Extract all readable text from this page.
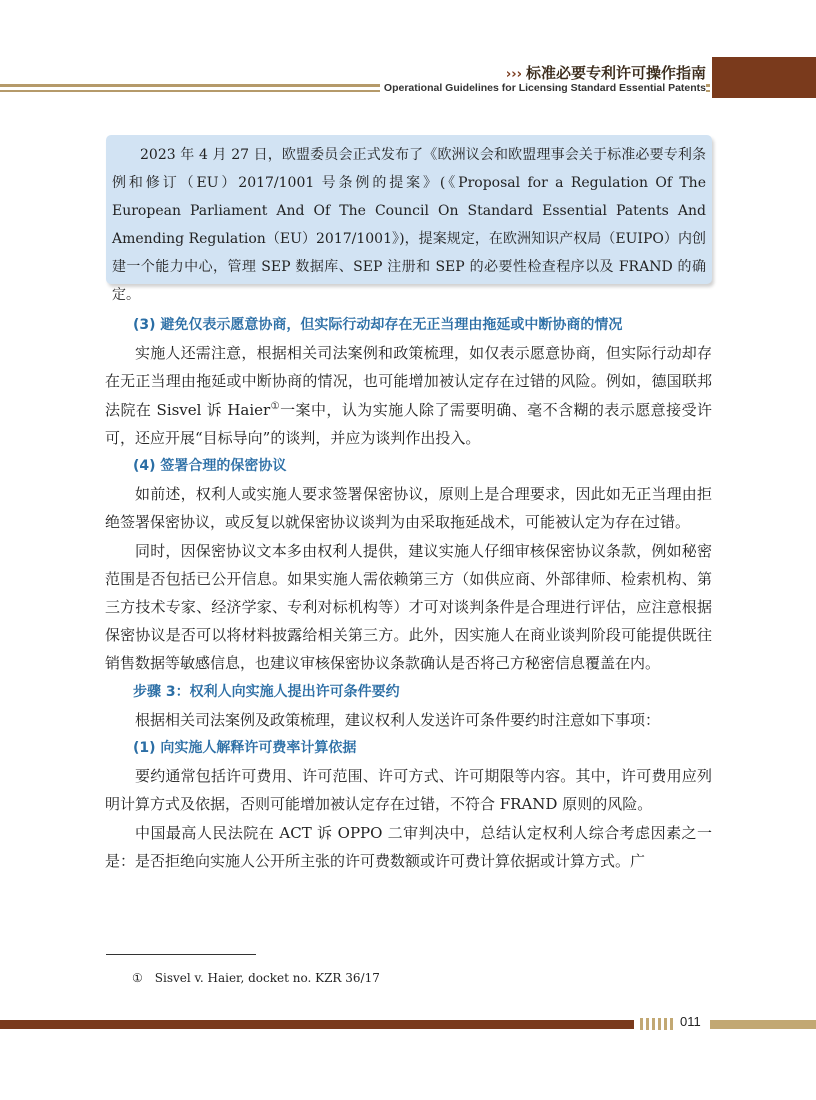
››› 标准必要专利许可操作指南
Operational Guidelines for Licensing Standard Essential Patents

2023 年 4 月 27 日，欧盟委员会正式发布了《欧洲议会和欧盟理事会关于标准必要专利条例和修订（EU）2017/1001 号条例的提案》(《Proposal for a Regulation Of The European Parliament And Of The Council On Standard Essential Patents And Amending Regulation（EU）2017/1001》)，提案规定，在欧洲知识产权局（EUIPO）内创建一个能力中心，管理 SEP 数据库、SEP 注册和 SEP 的必要性检查程序以及 FRAND 的确定。

(3) 避免仅表示愿意协商，但实际行动却存在无正当理由拖延或中断协商的情况

实施人还需注意，根据相关司法案例和政策梳理，如仅表示愿意协商，但实际行动却存在无正当理由拖延或中断协商的情况，也可能增加被认定存在过错的风险。例如，德国联邦法院在 Sisvel 诉 Haier①一案中，认为实施人除了需要明确、毫不含糊的表示愿意接受许可，还应开展“目标导向”的谈判，并应为谈判作出投入。

(4) 签署合理的保密协议

如前述，权利人或实施人要求签署保密协议，原则上是合理要求，因此如无正当理由拒绝签署保密协议，或反复以就保密协议谈判为由采取拖延战术，可能被认定为存在过错。

同时，因保密协议文本多由权利人提供，建议实施人仔细审核保密协议条款，例如秘密范围是否包括已公开信息。如果实施人需依赖第三方（如供应商、外部律师、检索机构、第三方技术专家、经济学家、专利对标机构等）才可对谈判条件是合理进行评估，应注意根据保密协议是否可以将材料披露给相关第三方。此外，因实施人在商业谈判阶段可能提供既往销售数据等敏感信息，也建议审核保密协议条款确认是否将己方秘密信息覆盖在内。

步骤 3：权利人向实施人提出许可条件要约

根据相关司法案例及政策梳理，建议权利人发送许可条件要约时注意如下事项：

(1) 向实施人解释许可费率计算依据

要约通常包括许可费用、许可范围、许可方式、许可期限等内容。其中，许可费用应列明计算方式及依据，否则可能增加被认定存在过错，不符合 FRAND 原则的风险。

中国最高人民法院在 ACT 诉 OPPO 二审判决中，总结认定权利人综合考虑因素之一是：是否拒绝向实施人公开所主张的许可费数额或许可费计算依据或计算方式。广

① Sisvel v. Haier, docket no. KZR 36/17
011
